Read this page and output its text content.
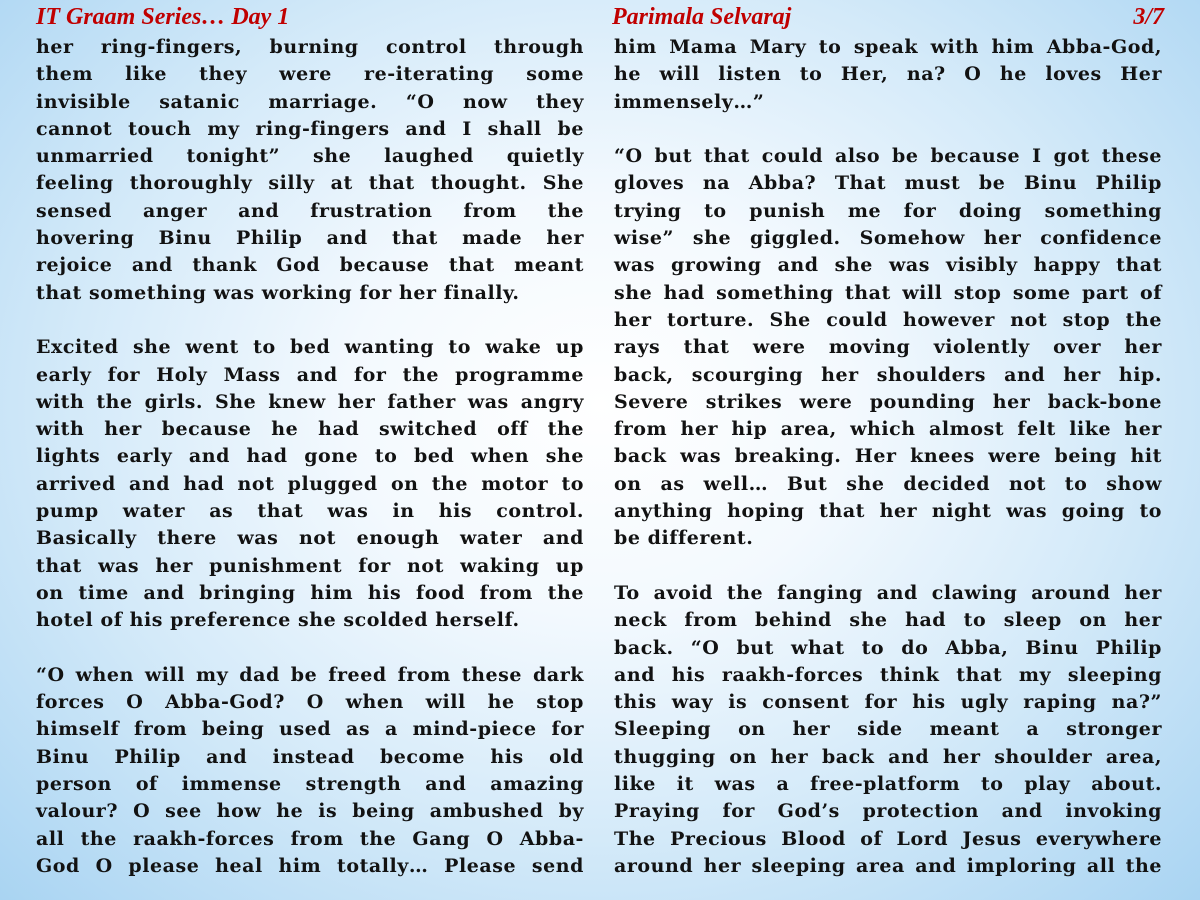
IT Graam Series… Day 1	Parimala Selvaraj	3/7
her ring-fingers, burning control through
them like they were re-iterating some
invisible satanic marriage. “O now they
cannot touch my ring-fingers and I shall be
unmarried tonight” she laughed quietly
feeling thoroughly silly at that thought. She
sensed anger and frustration from the
hovering Binu Philip and that made her
rejoice and thank God because that meant
that something was working for her finally.
Excited she went to bed wanting to wake up
early for Holy Mass and for the programme
with the girls. She knew her father was angry
with her because he had switched off the
lights early and had gone to bed when she
arrived and had not plugged on the motor to
pump water as that was in his control.
Basically there was not enough water and
that was her punishment for not waking up
on time and bringing him his food from the
hotel of his preference she scolded herself.
“O when will my dad be freed from these dark
forces O Abba-God? O when will he stop
himself from being used as a mind-piece for
Binu Philip and instead become his old
person of immense strength and amazing
valour? O see how he is being ambushed by
all the raakh-forces from the Gang O Abba-
God O please heal him totally… Please send
him Mama Mary to speak with him Abba-God,
he will listen to Her, na? O he loves Her
immensely…”
“O but that could also be because I got these
gloves na Abba? That must be Binu Philip
trying to punish me for doing something
wise” she giggled. Somehow her confidence
was growing and she was visibly happy that
she had something that will stop some part of
her torture. She could however not stop the
rays that were moving violently over her
back, scourging her shoulders and her hip.
Severe strikes were pounding her back-bone
from her hip area, which almost felt like her
back was breaking. Her knees were being hit
on as well… But she decided not to show
anything hoping that her night was going to
be different.
To avoid the fanging and clawing around her
neck from behind she had to sleep on her
back. “O but what to do Abba, Binu Philip
and his raakh-forces think that my sleeping
this way is consent for his ugly raping na?”
Sleeping on her side meant a stronger
thugging on her back and her shoulder area,
like it was a free-platform to play about.
Praying for God’s protection and invoking
The Precious Blood of Lord Jesus everywhere
around her sleeping area and imploring all the
